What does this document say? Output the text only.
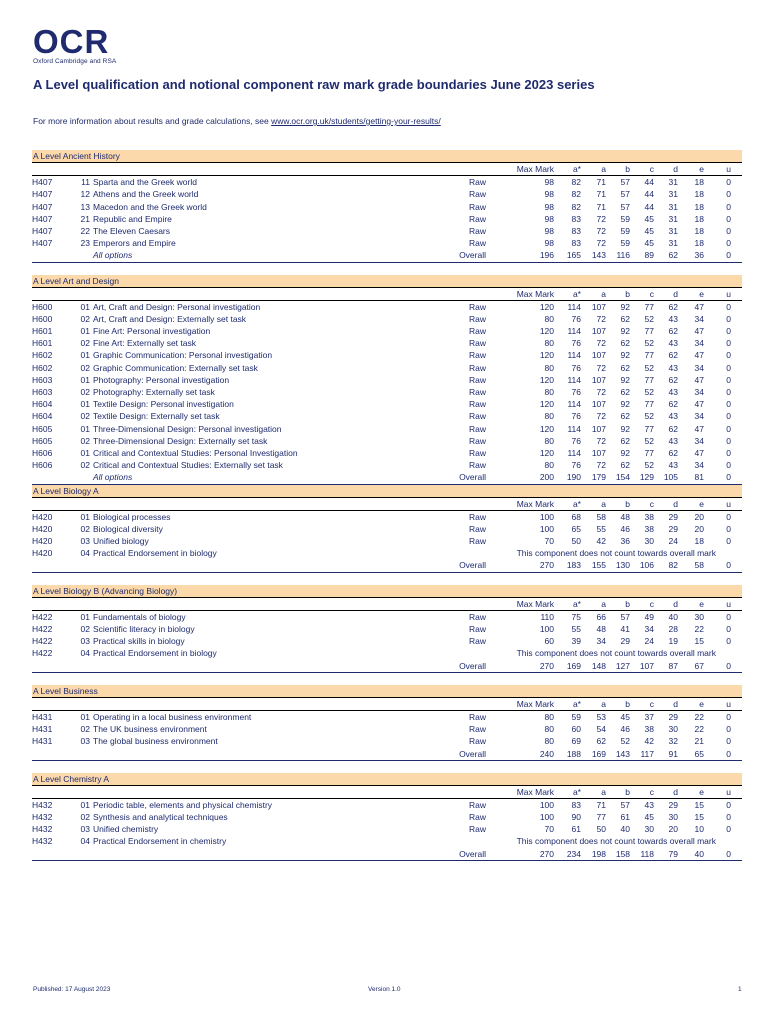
OCR
Oxford Cambridge and RSA
A Level qualification and notional component raw mark grade boundaries June 2023 series
For more information about results and grade calculations, see www.ocr.org.uk/students/getting-your-results/
A Level Ancient History
Max Mark	a*	a	b	c	d	e	u
H407	11 Sparta and the Greek world	Raw	98	82	71	57	44	31	18	0
H407	12 Athens and the Greek world	Raw	98	82	71	57	44	31	18	0
H407	13 Macedon and the Greek world	Raw	98	82	71	57	44	31	18	0
H407	21 Republic and Empire	Raw	98	83	72	59	45	31	18	0
H407	22 The Eleven Caesars	Raw	98	83	72	59	45	31	18	0
H407	23 Emperors and Empire	Raw	98	83	72	59	45	31	18	0
All options	Overall	196	165	143	116	89	62	36	0
A Level Art and Design
Max Mark	a*	a	b	c	d	e	u
H600	01 Art, Craft and Design: Personal investigation	Raw	120	114	107	92	77	62	47	0
H600	02 Art, Craft and Design: Externally set task	Raw	80	76	72	62	52	43	34	0
H601	01 Fine Art: Personal investigation	Raw	120	114	107	92	77	62	47	0
H601	02 Fine Art: Externally set task	Raw	80	76	72	62	52	43	34	0
H602	01 Graphic Communication: Personal investigation	Raw	120	114	107	92	77	62	47	0
H602	02 Graphic Communication: Externally set task	Raw	80	76	72	62	52	43	34	0
H603	01 Photography: Personal investigation	Raw	120	114	107	92	77	62	47	0
H603	02 Photography: Externally set task	Raw	80	76	72	62	52	43	34	0
H604	01 Textile Design: Personal investigation	Raw	120	114	107	92	77	62	47	0
H604	02 Textile Design: Externally set task	Raw	80	76	72	62	52	43	34	0
H605	01 Three-Dimensional Design: Personal investigation	Raw	120	114	107	92	77	62	47	0
H605	02 Three-Dimensional Design: Externally set task	Raw	80	76	72	62	52	43	34	0
H606	01 Critical and Contextual Studies: Personal Investigation	Raw	120	114	107	92	77	62	47	0
H606	02 Critical and Contextual Studies: Externally set task	Raw	80	76	72	62	52	43	34	0
All options	Overall	200	190	179	154	129	105	81	0
A Level Biology A
Max Mark	a*	a	b	c	d	e	u
H420	01 Biological processes	Raw	100	68	58	48	38	29	20	0
H420	02 Biological diversity	Raw	100	65	55	46	38	29	20	0
H420	03 Unified biology	Raw	70	50	42	36	30	24	18	0
H420	04 Practical Endorsement in biology	This component does not count towards overall mark
Overall	270	183	155	130	106	82	58	0
A Level Biology B (Advancing Biology)
Max Mark	a*	a	b	c	d	e	u
H422	01 Fundamentals of biology	Raw	110	75	66	57	49	40	30	0
H422	02 Scientific literacy in biology	Raw	100	55	48	41	34	28	22	0
H422	03 Practical skills in biology	Raw	60	39	34	29	24	19	15	0
H422	04 Practical Endorsement in biology	This component does not count towards overall mark
Overall	270	169	148	127	107	87	67	0
A Level Business
Max Mark	a*	a	b	c	d	e	u
H431	01 Operating in a local business environment	Raw	80	59	53	45	37	29	22	0
H431	02 The UK business environment	Raw	80	60	54	46	38	30	22	0
H431	03 The global business environment	Raw	80	69	62	52	42	32	21	0
Overall	240	188	169	143	117	91	65	0
A Level Chemistry A
Max Mark	a*	a	b	c	d	e	u
H432	01 Periodic table, elements and physical chemistry	Raw	100	83	71	57	43	29	15	0
H432	02 Synthesis and analytical techniques	Raw	100	90	77	61	45	30	15	0
H432	03 Unified chemistry	Raw	70	61	50	40	30	20	10	0
H432	04 Practical Endorsement in chemistry	This component does not count towards overall mark
Overall	270	234	198	158	118	79	40	0
Published: 17 August 2023	Version 1.0	1
